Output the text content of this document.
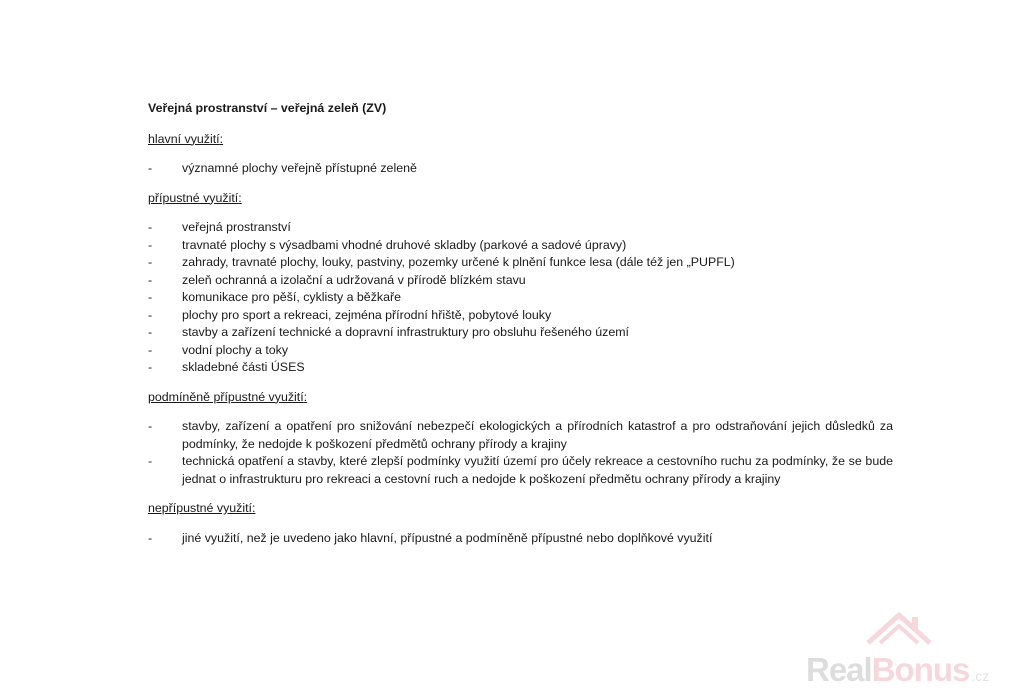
Veřejná prostranství – veřejná zeleň (ZV)
hlavní využití:
- významné plochy veřejně přístupné zeleně
přípustné využití:
- veřejná prostranství
- travnaté plochy s výsadbami vhodné druhové skladby (parkové a sadové úpravy)
- zahrady, travnaté plochy, louky, pastviny, pozemky určené k plnění funkce lesa (dále též jen „PUPFL)
- zeleň ochranná a izolační a udržovaná v přírodě blízkém stavu
- komunikace pro pěší, cyklisty a běžkaře
- plochy pro sport a rekreaci, zejména přírodní hřiště, pobytové louky
- stavby a zařízení technické a dopravní infrastruktury pro obsluhu řešeného území
- vodní plochy a toky
- skladebné části ÚSES
podmíněně přípustné využití:
- stavby, zařízení a opatření pro snižování nebezpečí ekologických a přírodních katastrof a pro odstraňování jejich důsledků za podmínky, že nedojde k poškození předmětů ochrany přírody a krajiny
- technická opatření a stavby, které zlepší podmínky využití území pro účely rekreace a cestovního ruchu za podmínky, že se bude jednat o infrastrukturu pro rekreaci a cestovní ruch a nedojde k poškození předmětu ochrany přírody a krajiny
nepřípustné využití:
- jiné využití, než je uvedeno jako hlavní, přípustné a podmíněně přípustné nebo doplňkové využití
RealBonus .cz
